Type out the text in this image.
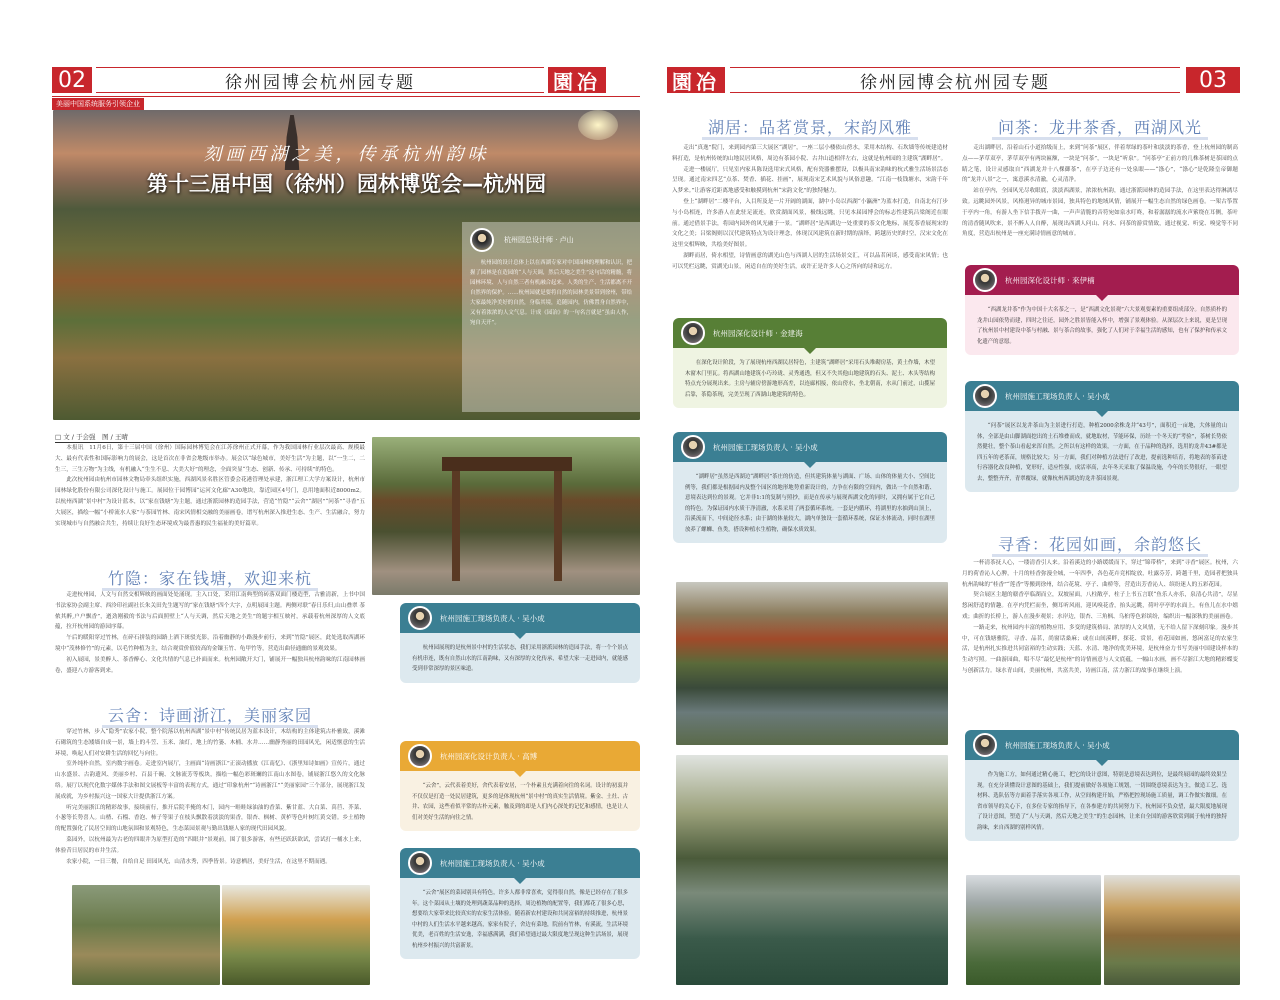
02	徐州园博会杭州园专题	園冶
美丽中国系统服务引领企业
刻画西湖之美，传承杭州韵味
第十三届中国（徐州）园林博览会—杭州园
杭州园总设计师 · 卢山
杭州园的设计总体上以在西湖专家对中国园林的理解和认识，把握了园林是在造园的“人与天调，然后天地之美生”这句话的精髓，将园林环境、人与自然三者有机融合起来。人类的生产、生活都离不开自然界的保护。……杭州园就是要将自然的园林美景带到徐州，带给大家最纯净美好的自然，身临其境，追随园内，仿佛置身自然界中，又有着浓浓的人文气息。计成《园冶》的一句名言就是“虽由人作，宛自天开”。
□ 文 / 于会强　图 / 王晴

本报讯　11月6日，第十三届中国（徐州）国际园林博览会在江苏徐州正式开幕，作为我国园林行业层次最高、规模最大、最有代表性和国际影响力的展会，这是首次在非省会地级市举办。展会以“绿色城市，美好生活”为主题，以“一生二，二生三，三生万物”为主线，有机融入“生生不息、大美大好”的理念，全面突显“生态、创新、传承、可持续”的特色。

此次杭州园由杭州市园林文物局牵头组织实施，西湖风景名胜区管委会花港管理处承建，浙江理工大学方案设计，杭州市园林绿化股份有限公司深化设计与施工。展园位于园博园“运河文化廊”A30地块，靠近园区4号门，总用地面积近8000m2。以杭州西湖“景中村”为设计蓝本，以“家在钱塘”为主题，通过浙派园林的造园手法，营造“竹隐”“云舍”“湖居”“问茶”“寻香”五大展区，描绘一幅“小桥流水人家”与茶园竹林、南宋风情相交融的美丽画卷，谱写杭州深入推进生态、生产、生活融合，努力实现城市与自然融合共生，持续让良好生态环境成为最普惠的民生福祉的美好篇章。

竹隐：家在钱塘，欢迎来杭

走进杭州园，人文与自然交相辉映的画面处处涌现。主入口处，采用江南典型的砖落双面门楼造型，古雅清新，上书中国书法家协会副主席、西泠印社副社长朱关田先生题写的“家在钱塘”四个大字，点明展园主题。两侧对联“春日乐归,山山叠翠 茶侬其醉,户户飘香”，遒劲刚毅的书法与后面照壁上“人与天调，然后天地之美生”的题字相互映衬，承载着杭州深厚的人文底蕴，拉开杭州园的游园序幕。

午后的暖阳穿过竹林，在碎石拼装的园路上洒下斑驳光影，沿着幽静的小路漫步前行，来到“竹隐”展区，此处选取西湖环境中“茂林修竹”的元素，以毛竹种植为主，结合观赏价值较高的金镶玉竹、龟甲竹等，营造出曲径通幽的景观效果。

初入展园，景美醉人、茶香醉心、文化共情的气息已扑面而来。杭州园敞开大门，铺展开一幅独具杭州韵味的江南园林画卷，盛迎八方游客到来。

云舍：诗画浙江，美丽家园

穿过竹林，步入“隐秀”农家小院，整个院落以杭州西湖“景中村”传统民居为蓝本设计，木结构的主体建筑古朴雅致，溪滩石砌筑的生态矮墙自成一景，墙上的斗笠、玉米、油灯，地上的竹篓、木桶、水井……幽静秀丽的田园风光，闲适惬意的生活环境，唤起人们对安耕生活的回忆与向往。

室外纯朴自然，室内数字画卷。走进室内展厅，主画面“诗画浙江”正滚动播放《江南忆》、《浙里知诗如画》宣传片，通过山水盛景、古韵遗风、美丽乡村、百县千碗、文脉流芳等板块，描绘一幅色彩斑斓的江南山水图卷，铺展浙江悠久的文化脉络。展厅以现代化数字媒体手法和图文展板等丰富的表现方式，通过“印象杭州”“诗画浙江”“美丽家园”三个部分，展现浙江发展成就，为乡村振兴这一国家大计提供浙江方案。

听完美丽浙江的精彩故事，接续前行，推开后院半掩的木门，园内一畦畦绿油油的香菜、紫甘蓝、大白菜、莴苣、芥菜、小葱等长势喜人。山楂、石榴、香泡、柿子等果子在枝头飘散着淡淡的果香，银杏、枫树、黄栌等色叶树红黄交错。乡土植物的配置强化了民居空间的山地氛围和景观特色，生态菜园景观与勤出钱塘人家的现代田园风貌。

菜园外，以杭州最为古老的四眼井为原型打造的“四眼井”景观前，围了很多游客，有些还跃跃欲试，尝试打一桶水上来，体验昔日居民的市井生活。

农家小院，一日三餐，自给自足 田园风光，山清水秀，四季皆景。诗意栖居，美好生活，在这里不期而遇。

杭州园施工现场负责人 · 吴小成
杭州园展现的是杭州景中村的生活状态，我们采用浙派园林的造园手法，将一个个景点有机串连，既有自然山水的江南韵味，又有深厚的文化传承，希望大家一走进园内，就能感受到非常深厚的景区味道。
杭州园深化设计负责人 · 高博
“云舍”，云代表着美好，舍代表着安居，一个朴素且充满着向往的名词。设计的初衷并不仅仅是打造一处民居建筑，更多的是体现杭州“景中村”的真实生活情境。紫金、土灶、古井、农园，这些看似平常的古朴元素，触及到的却是人们内心深处的记忆和感情，也是让人们对美好生活的向往之情。
杭州园施工现场负责人 · 吴小成
“云舍”展区的菜园别具有特色，许多人都非常喜欢，觉得很自然，像是已经存在了很多年。这个菜园从土壤的处理到蔬菜品种的选择，周边植物的配置等，我们都花了很多心思，想要给大家带来比较真实的农家生活体验。随着新农村建设和共同富裕的持续推进，杭州景中村的人们生活水平越来越高，家家有院子，舍边有菜地，院前有竹林，有溪流，生活环境优美，老百姓的生活安逸，幸福感满满，我们希望通过最大限度地呈现这种生活场景，展现杭州乡村振兴的共富新景。
園冶	徐州园博会杭州园专题	03
湖居：品茗赏景，宋韵风雅

走出“真逸”院门，来到园内第三大展区“湖居”，一座二层小楼依山傍水，采用木结构、石坎墙等传统建造材料打造，是杭州传统的山地民居风格，周边有茶园小院、古井山道相伴左右，这就是杭州园的主建筑“湖畔居”。

走进一楼展厅，只见室内家具陈设选用宋式风格，配有瓷器雅摆设，以极具南宋韵味的杭式雅生活场景活态呈现。通过南宋四艺“点茶、焚香、插花、挂画”，展现南宋艺术风貌与风俗意趣。“江南一枝钱塘水，宋韵千年入梦来。”让游客近距离地感受和触摸到杭州“宋韵文化”的独特魅力。

登上“湖畔居”二楼平台，入目所及是一片开阔的湖面，湖中小岛以西湖“小瀛洲”为蓝本打造，自南北有汀步与小岛相连，许多游人在此驻足流连，欣赏湖面风景，极线远眺，只见本届园博会的标志性建筑吕梁阁近在眼前。通过借景手法，将园内园外的风光融于一景。“湖畔居”是西湖边一处重要的茶文化地标，展览茶香展现宋的文化之美；吕梁阁则以汉代建筑特点为设计理念，体现汉风建筑在新时期的演绎，跨越历史的时空，汉宋文化在这里交相辉映，共绘美好图景。

湖畔而居，倚水相望，诗情画意的湖光山色与西湖人居的生活场景交汇，可以品茗闲谈，感受南宋风情；也可以凭栏远眺，赏湖光山景，闲适自在的美好生活，或许正是许多人心之所向的诗和远方。

杭州园深化设计师 · 金建海
在深化设计阶段，为了展现杭州西湖民居特色，主建筑“湖畔居”采用石头堆砌房基，黄土作墙，木望木窗木门里瓦。将西湖山地建筑小巧玲珑、灵秀通透，但又不失其他山地建筑的石头、泥土、木头等结构特点充分展现出来。主房与辅房傍游地形高差，以连廊相接，依山傍水，坐北朝南，水从门前过，山揽屋后靠，茶隐茶现，完美呈现了西湖山地建筑的特色。
杭州园施工现场负责人 · 吴小成
“湖畔居”虽然是西湖边“湖畔居”茶庄的仿造，但其建筑体量与湖面、广场、山体的体量大小、空间比例等，我们都是根据园内及整个园区的地形地势重新设计的，力争在有限的空间内，做出一个自然和谐、意境表达到位的景观。它并非1:1的复制与照抄，而是在传承与展现西湖文化的同时，又拥有属于它自己的特色。为保证园内水质干净清澈，水系采用了两套循环系统。一套是内循环，将湖里的水抽到山顶上，沿溪流而下，中间途径水系；由于湖的体量较大，湖内单独设一套循环系统，保证水体流动，同时在湖里放养了螺蛳、鱼类，搭设种植水生植物，确保水质效果。
问茶：龙井茶香，西湖风光

走出湖畔居，沿着山石小道拾级而上，来到“问茶”展区，伴着翠绿的茶叶和淡淡的茶香，登上杭州园的制高点——茅草双亭，茅草双亭有两块匾额，一块是“问茶”，一块是“听泉”。“问茶亭”正前方的几株茶树是茶园的点睛之笔，设计灵感取自“西湖龙井十八棵御茶”，在亭子边还有一处泉眼——“涤心”，“涤心”是乾隆皇帝御题的“龙井八景”之一，寓意溪水清澈，心灵清净。

站在亭内，全园风光尽收眼底，淡淡西湖景，浓浓杭州韵，通过浙派园林的造园手法，在这里表达得淋漓尽致。远眺园外风景，风格迥异的城市景园，独具特色的地域风情，铺展开一幅生态自然的绿色画卷。一架古筝置于亭内一角，有游人坐下信手拨弄一曲，一声声清脆的音符宛如泉水叮咚，和着潺潺的流水声萦绕在耳侧，茶叶的清香随风吹来，景不醉人人自醉，展现出西湖人问山、问水、问茶的游赏情致，通过视觉、听觉、嗅觉等不同角度，营造出杭州是一座充满诗情画意的城市。

杭州园深化设计师 · 來伊楠
“西湖龙井茶”作为中国十大名茶之一，是“西湖文化景观”六大景观要素的重要组成部分。自然质朴的龙井山园依势而建，四时之往还，园外之胜景皆能入怀中，增强了景观体验。从深层次上来说，更是呈现了杭州景中村建设中茶与村融、景与茶合的故事，强化了人们对于幸福生活的感知，也有了保护和传承文化遗产的意愿。
杭州园施工现场负责人 · 吴小成
“问茶”展区以龙井茶山为主景进行打造，种植2000余株龙井“43号”，面积近一亩地，大体量的山体，全部是由山脚湖面挖出的土石堆叠而成，就地取材，节能环保，历经一个冬天的“考验”，茶树长势依然健壮，整个茶山看起来浑自然。之所以有这样的效果，一方面，在于品种的选择，选用的龙井43#都是四五年的老茶苗，规格比较大；另一方面，我们对种植方法进行了改进，提前选种培育，将地表的茶苗进行容器化改良种植，宽形好，适应性强，成活率高，去年冬天采取了保温设施，今年的长势很好，一眼望去，整整齐齐，青翠覆绿，就像杭州西湖边的龙井茶园景观。
寻香：花园如画，余韵悠长

一杯清茶抚人心，一缕清香引人来。沿着溪边的小路缓缓而下，穿过“锦带桥”，来到“寻香”展区。杭州，六月的荷香沁人心脾，十月的桂香弥漫全城，一年四季，各色花卉竞相绽放，吐露芬芳，跨越千里，造园者把独具杭州韵味的“桂香”“莲香”等搬到徐州，结合花境、亭子、曲桥等，营造出芳香沁人、缤纷迷人的五彩花园。

契合展区主题的赣香亭临湖而立，双坡屋面，八柱敞亭，柱子上书五言联“鱼乐人亦乐，泉清心共清”，尽显悠闲舒适的情趣。在亭内凭栏而坐，侧耳听风雨，迎风嗅花香，抬头远眺，荷叶亭亭的水面上，有鱼儿在水中嬉戏；曲折的长桥上，游人在漫步观景；水岸边，银杏、三角枫、乌桕等色彩缤纷，编织出一幅深秋的美丽画卷。

一路走来，杭州园内丰富的植物应用、多变的建筑格局、浓厚的人文风情，无不给人留下深刻印象。漫步其中，可在钱塘雅院，寻香、品茗，尚窗话桑麻；或在山间溪畔，探花、赏景，看花园如画，悠闲富足的农家生活，是杭州扎实推进共同富裕的生动实践；天蓝、水清、地净的优美环境，是杭州奋力书写美丽中国建设样本的生动写照。一曲游园曲，唱不尽“最忆是杭州”的诗情画意与人文底蕴，一幅山水画，画不尽浙江大地的精彩蝶变与创新活力。绿水青山间，美丽杭州，共富共美，诗画江南，活力浙江的故事在继续上演。

杭州园施工现场负责人 · 吴小成
作为施工方，如何通过精心施工，把它的设计意图，特别是意境表达到位，是最终展园的最终效果呈现。在充分读懂设计意图的基础上，我们提前做好各项施工规划，一切围绕意境表达为主，做造工艺、选材料、选队伍等方面着手落实各项工作，从空间构建开始，严格把控现场施工质量，调工作做实做细。在省市领导的关心下，在多位专家的指导下，在各参建方的共同努力下，杭州园不负众望，最大限度地展现了设计意图，塑造了“人与天调，然后天地之美生”的生态园林，让来自全国的游客欣赏到属于杭州的独特韵味，来自西湖的别样风情。
